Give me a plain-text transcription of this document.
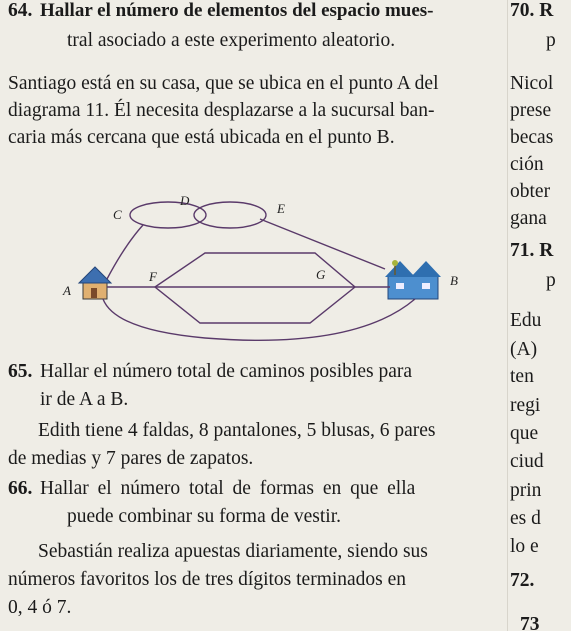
64. Hallar el número de elementos del espacio mues-
tral asociado a este experimento aleatorio.
Santiago está en su casa, que se ubica en el punto A del
diagrama 11. Él necesita desplazarse a la sucursal ban-
caria más cercana que está ubicada en el punto B.
A
B
C
D
E
F	G
65. Hallar el número total de caminos posibles para
ir de A a B.
Edith tiene 4 faldas, 8 pantalones, 5 blusas, 6 pares
de medias y 7 pares de zapatos.
66. Hallar el número total de formas en que ella
puede combinar su forma de vestir.
Sebastián realiza apuestas diariamente, siendo sus
números favoritos los de tres dígitos terminados en
0, 4 ó 7.
70. R
p
Nicol
prese
becas
ción
obter
gana
71. R
p
Edu
(A)
ten
regi
que
ciud
prin
es d
lo e
72.
73
